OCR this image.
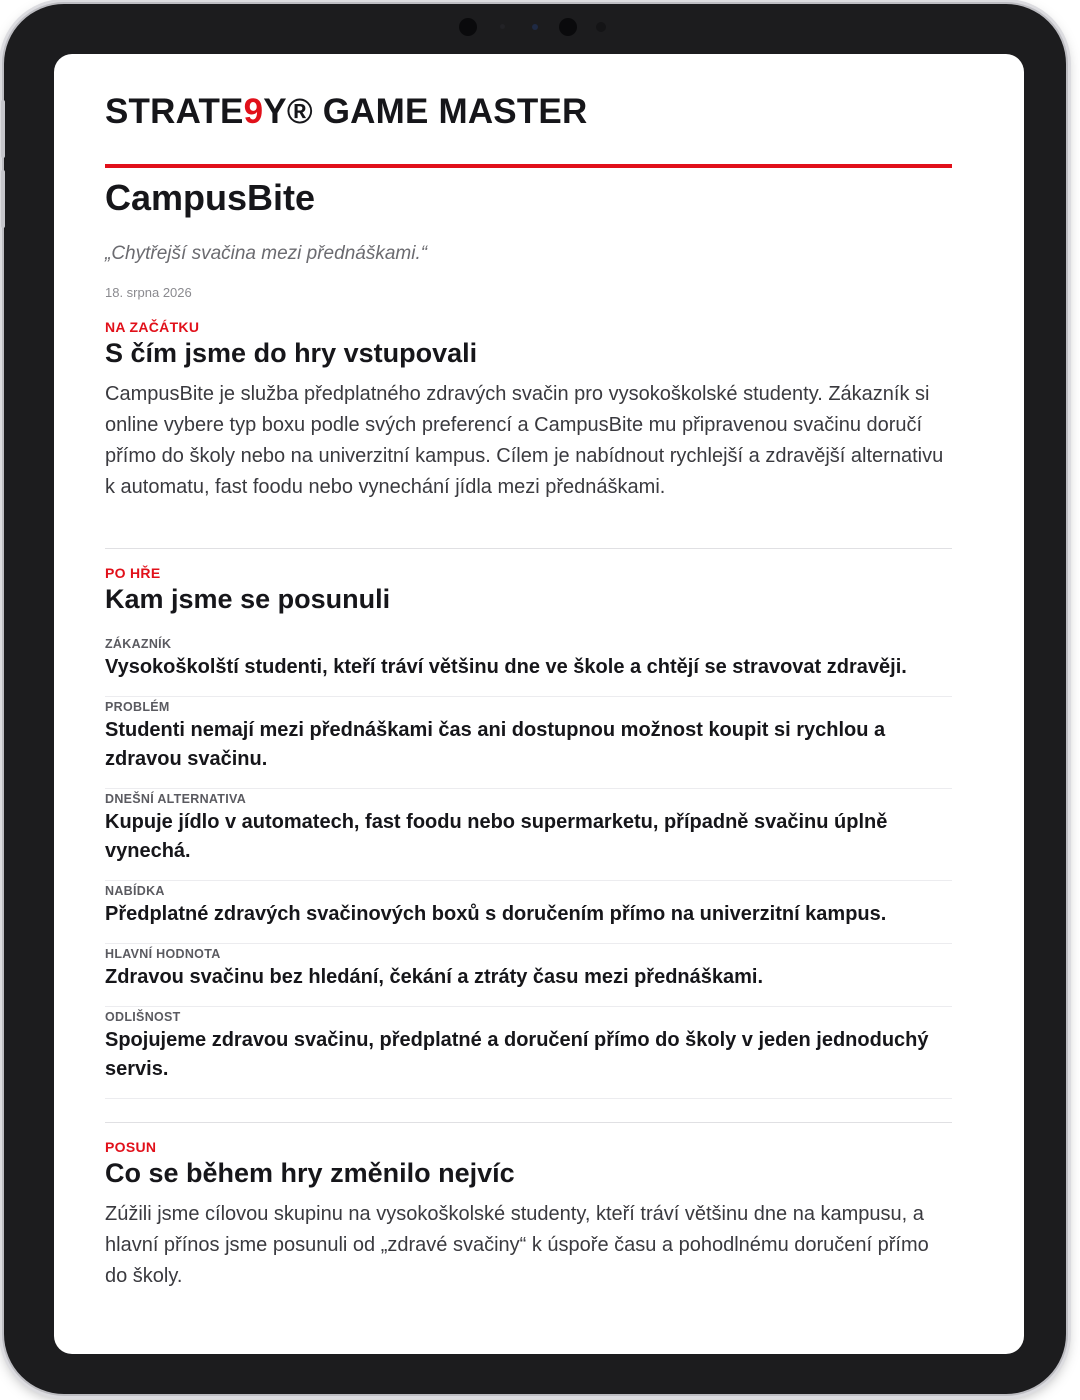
STRATE9Y® GAME MASTER
CampusBite
„Chytřejší svačina mezi přednáškami.“
18. srpna 2026
NA ZAČÁTKU
S čím jsme do hry vstupovali
CampusBite je služba předplatného zdravých svačin pro vysokoškolské studenty. Zákazník si online vybere typ boxu podle svých preferencí a CampusBite mu připravenou svačinu doručí přímo do školy nebo na univerzitní kampus. Cílem je nabídnout rychlejší a zdravější alternativu k automatu, fast foodu nebo vynechání jídla mezi přednáškami.
PO HŘE
Kam jsme se posunuli
ZÁKAZNÍK
Vysokoškolští studenti, kteří tráví většinu dne ve škole a chtějí se stravovat zdravěji.
PROBLÉM
Studenti nemají mezi přednáškami čas ani dostupnou možnost koupit si rychlou a zdravou svačinu.
DNEŠNÍ ALTERNATIVA
Kupuje jídlo v automatech, fast foodu nebo supermarketu, případně svačinu úplně vynechá.
NABÍDKA
Předplatné zdravých svačinových boxů s doručením přímo na univerzitní kampus.
HLAVNÍ HODNOTA
Zdravou svačinu bez hledání, čekání a ztráty času mezi přednáškami.
ODLIŠNOST
Spojujeme zdravou svačinu, předplatné a doručení přímo do školy v jeden jednoduchý servis.
POSUN
Co se během hry změnilo nejvíc
Zúžili jsme cílovou skupinu na vysokoškolské studenty, kteří tráví většinu dne na kampusu, a hlavní přínos jsme posunuli od „zdravé svačiny“ k úspoře času a pohodlnému doručení přímo do školy.
